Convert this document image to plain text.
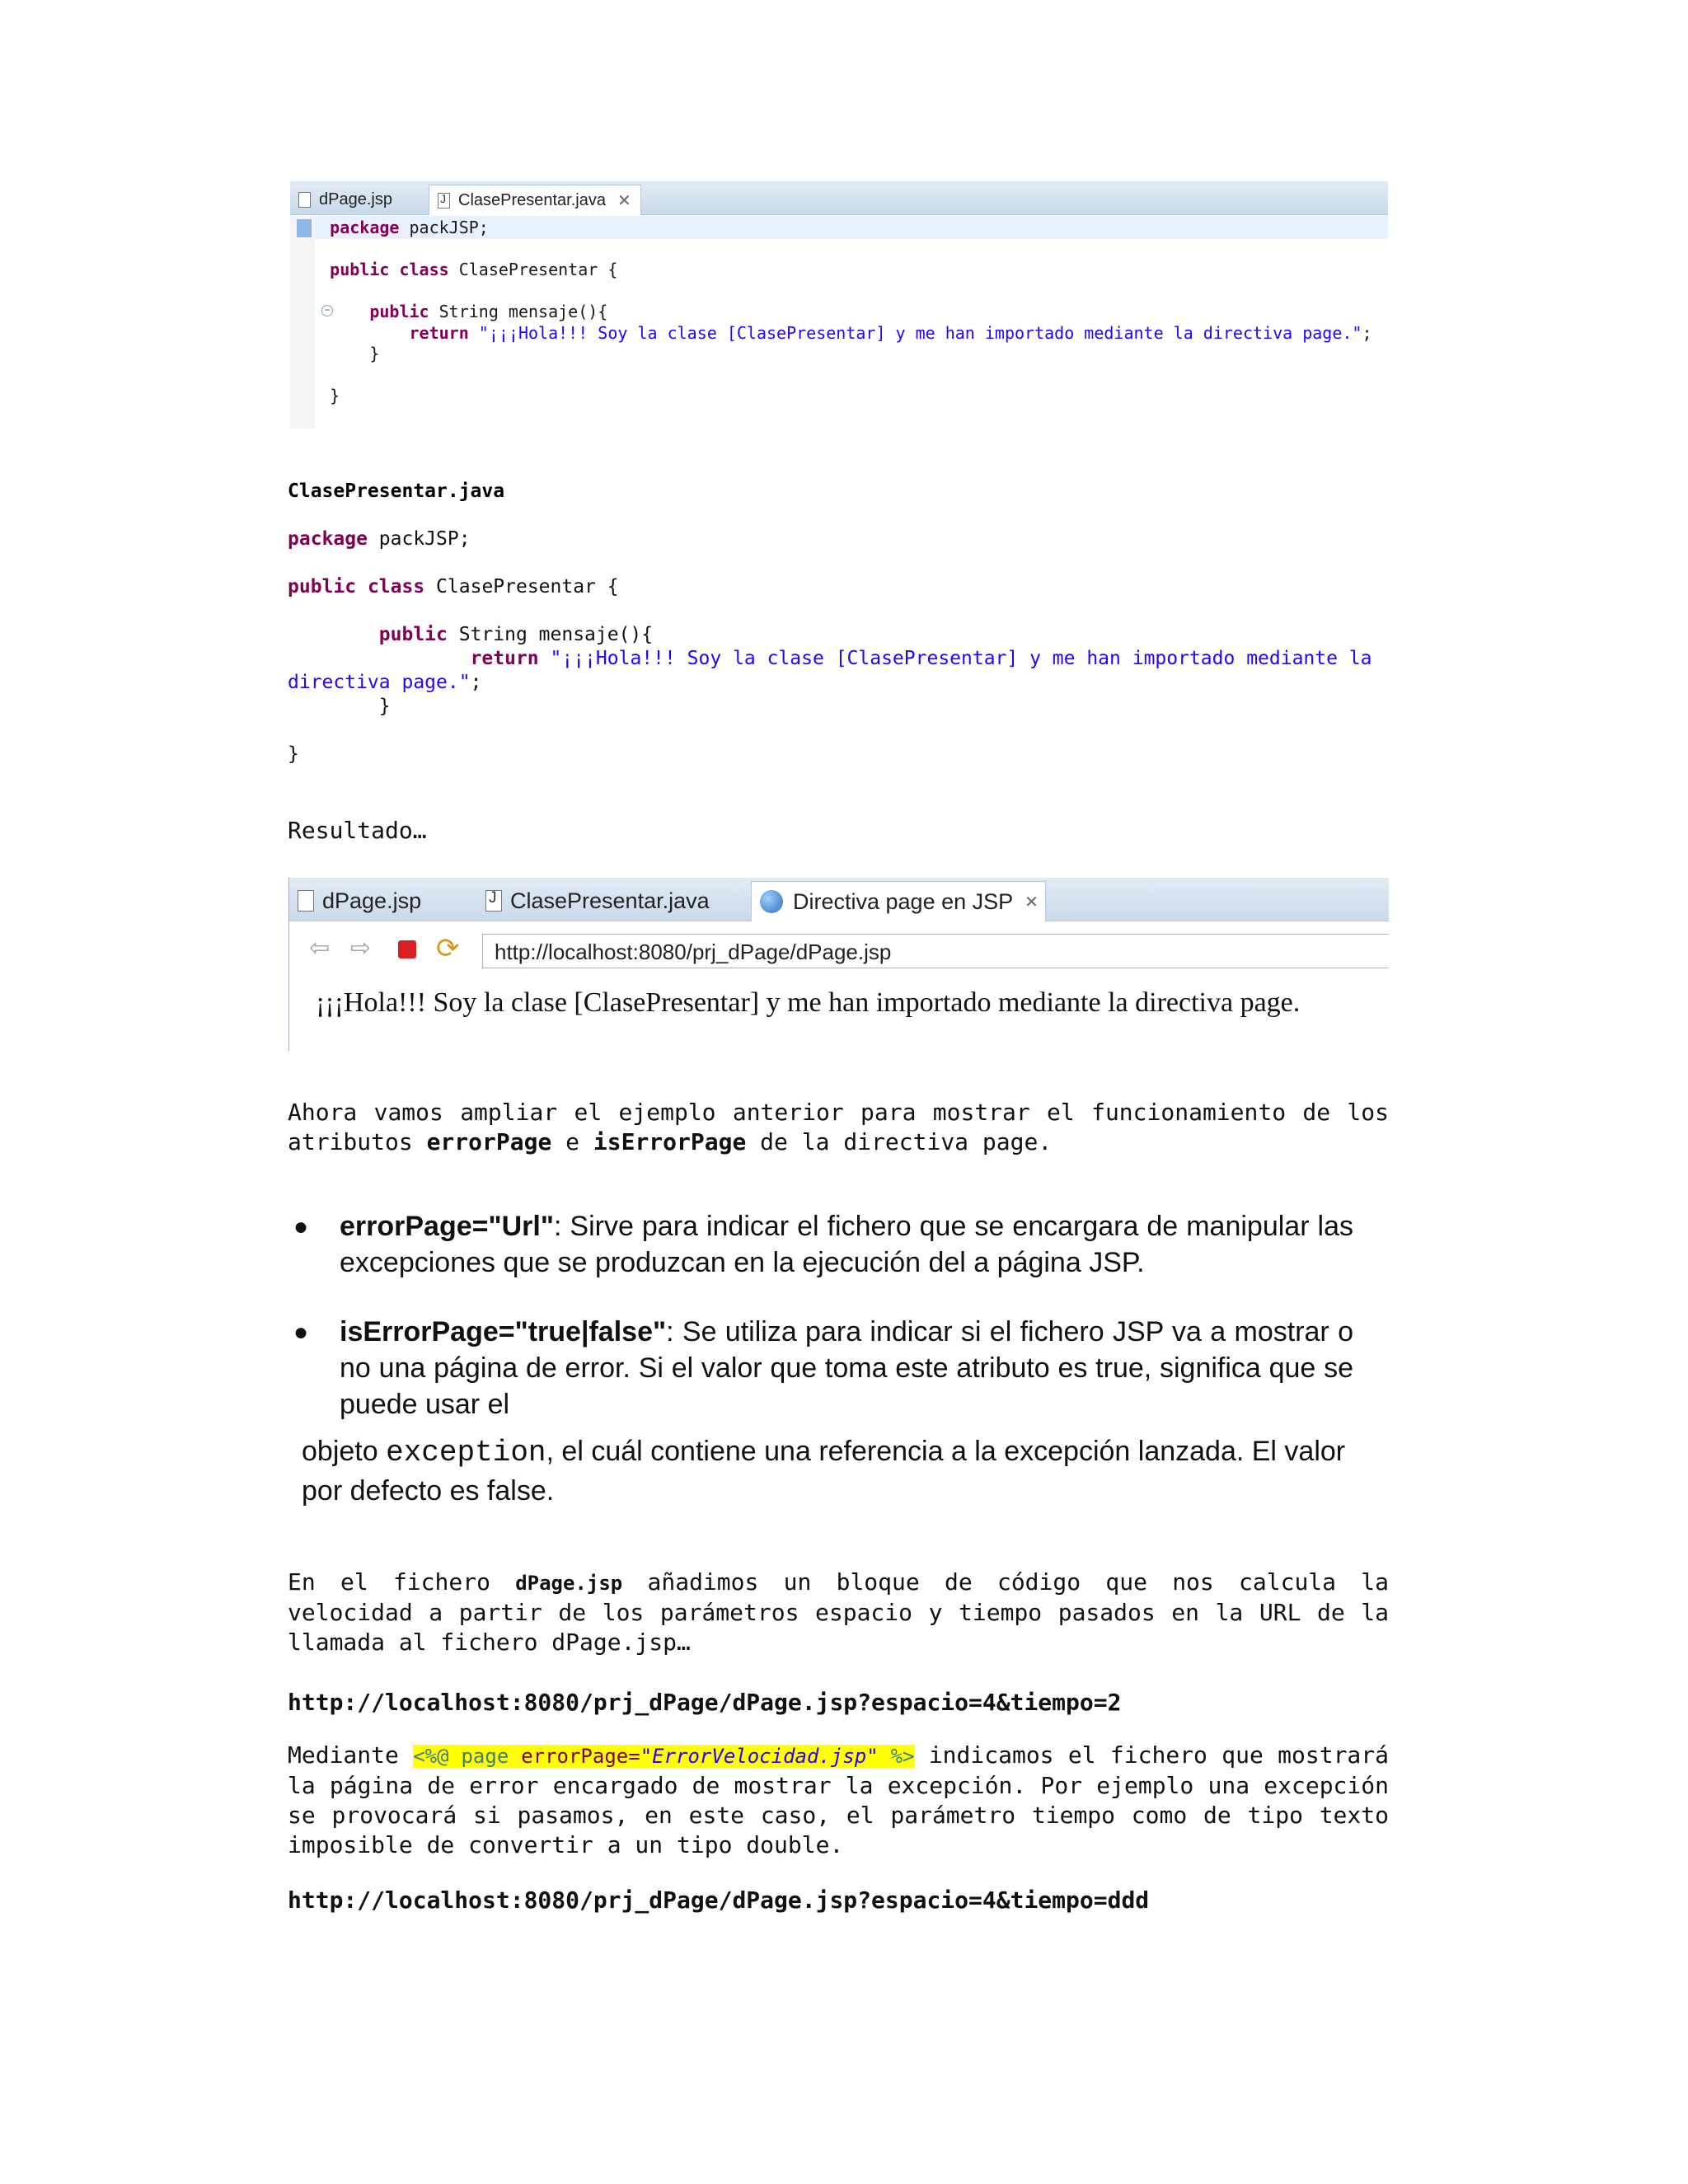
dPage.jsp J	ClasePresentar.java ✕
−
package packJSP;

public class ClasePresentar {

public String mensaje(){
return "¡¡¡Hola!!! Soy la clase [ClasePresentar] y me han importado mediante la directiva page.";
}

}
ClasePresentar.java

package packJSP;

public class ClasePresentar {

public String mensaje(){
return "¡¡¡Hola!!! Soy la clase [ClasePresentar] y me han importado mediante la
directiva page.";
}

}
Resultado…
dPage.jsp J	ClasePresentar.java	Directiva page en JSP ✕
⇦ ⇨ ⟳	http://localhost:8080/prj_dPage/dPage.jsp
¡¡¡Hola!!! Soy la clase [ClasePresentar] y me han importado mediante la directiva page.
Ahora vamos ampliar el ejemplo anterior para mostrar el funcionamiento de los atributos errorPage e isErrorPage de la directiva page.
● errorPage="Url": Sirve para indicar el fichero que se encargara de manipular las excepciones que se produzcan en la ejecución del a página JSP.
● isErrorPage="true|false": Se utiliza para indicar si el fichero JSP va a mostrar o no una página de error. Si el valor que toma este atributo es true, significa que se puede usar el
objeto exception, el cuál contiene una referencia a la excepción lanzada. El valor por defecto es false.
En el fichero dPage.jsp añadimos un bloque de código que nos calcula la velocidad a partir de los parámetros espacio y tiempo pasados en la URL de la llamada al fichero dPage.jsp…
http://localhost:8080/prj_dPage/dPage.jsp?espacio=4&tiempo=2
Mediante <%@ page errorPage="ErrorVelocidad.jsp" %> indicamos el fichero que mostrará la página de error encargado de mostrar la excepción. Por ejemplo una excepción se provocará si pasamos, en este caso, el parámetro tiempo como de tipo texto imposible de convertir a un tipo double.
http://localhost:8080/prj_dPage/dPage.jsp?espacio=4&tiempo=ddd
